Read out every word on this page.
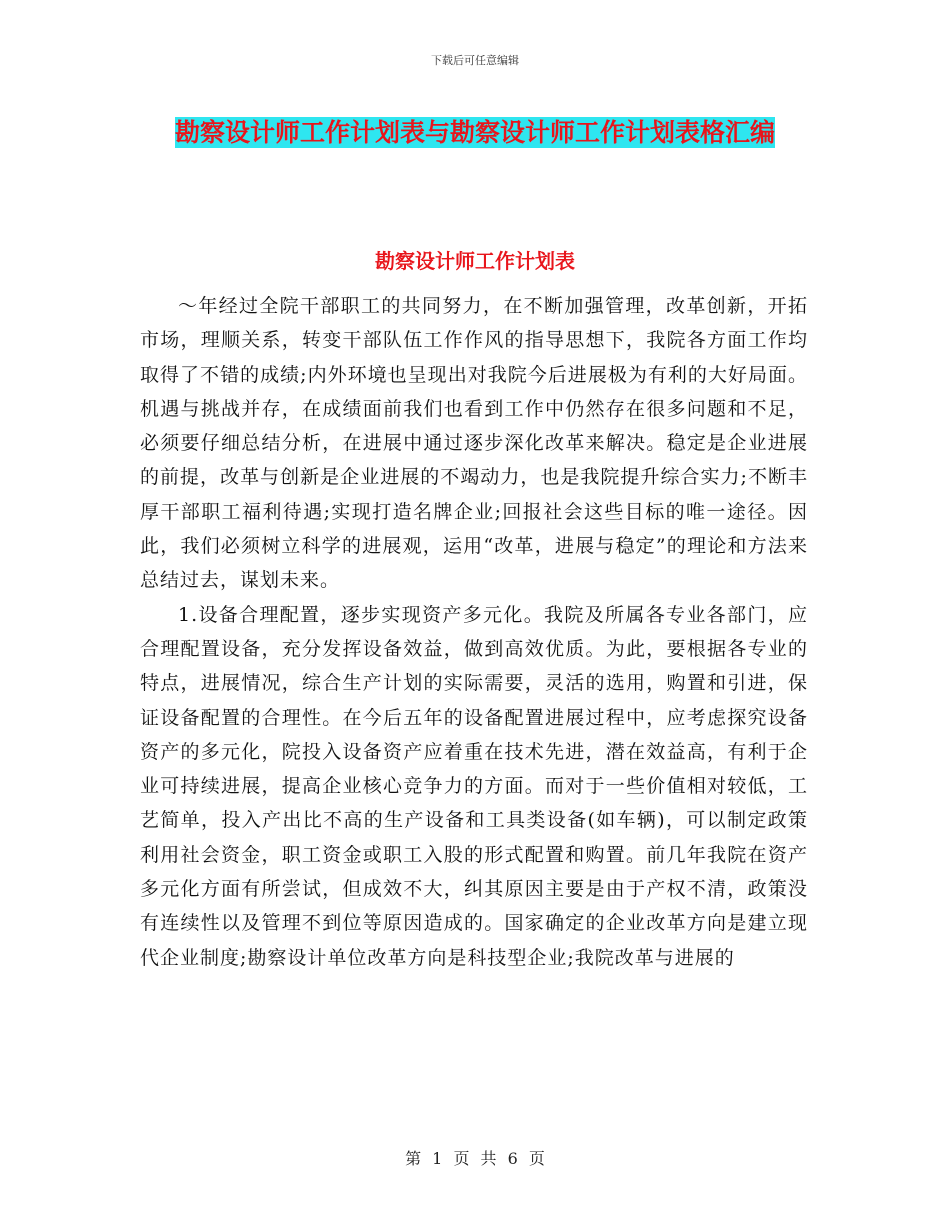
下载后可任意编辑
勘察设计师工作计划表与勘察设计师工作计划表格汇编
勘察设计师工作计划表

～年经过全院干部职工的共同努力，在不断加强管理，改革创新，开拓市场，理顺关系，转变干部队伍工作作风的指导思想下，我院各方面工作均取得了不错的成绩;内外环境也呈现出对我院今后进展极为有利的大好局面。机遇与挑战并存，在成绩面前我们也看到工作中仍然存在很多问题和不足，必须要仔细总结分析，在进展中通过逐步深化改革来解决。稳定是企业进展的前提，改革与创新是企业进展的不竭动力，也是我院提升综合实力;不断丰厚干部职工福利待遇;实现打造名牌企业;回报社会这些目标的唯一途径。因此，我们必须树立科学的进展观，运用“改革，进展与稳定”的理论和方法来总结过去，谋划未来。

1.设备合理配置，逐步实现资产多元化。我院及所属各专业各部门，应合理配置设备，充分发挥设备效益，做到高效优质。为此，要根据各专业的特点，进展情况，综合生产计划的实际需要，灵活的选用，购置和引进，保证设备配置的合理性。在今后五年的设备配置进展过程中，应考虑探究设备资产的多元化，院投入设备资产应着重在技术先进，潜在效益高，有利于企业可持续进展，提高企业核心竞争力的方面。而对于一些价值相对较低，工艺简单，投入产出比不高的生产设备和工具类设备(如车辆)，可以制定政策利用社会资金，职工资金或职工入股的形式配置和购置。前几年我院在资产多元化方面有所尝试，但成效不大，纠其原因主要是由于产权不清，政策没有连续性以及管理不到位等原因造成的。国家确定的企业改革方向是建立现代企业制度;勘察设计单位改革方向是科技型企业;我院改革与进展的

第 1 页 共 6 页
